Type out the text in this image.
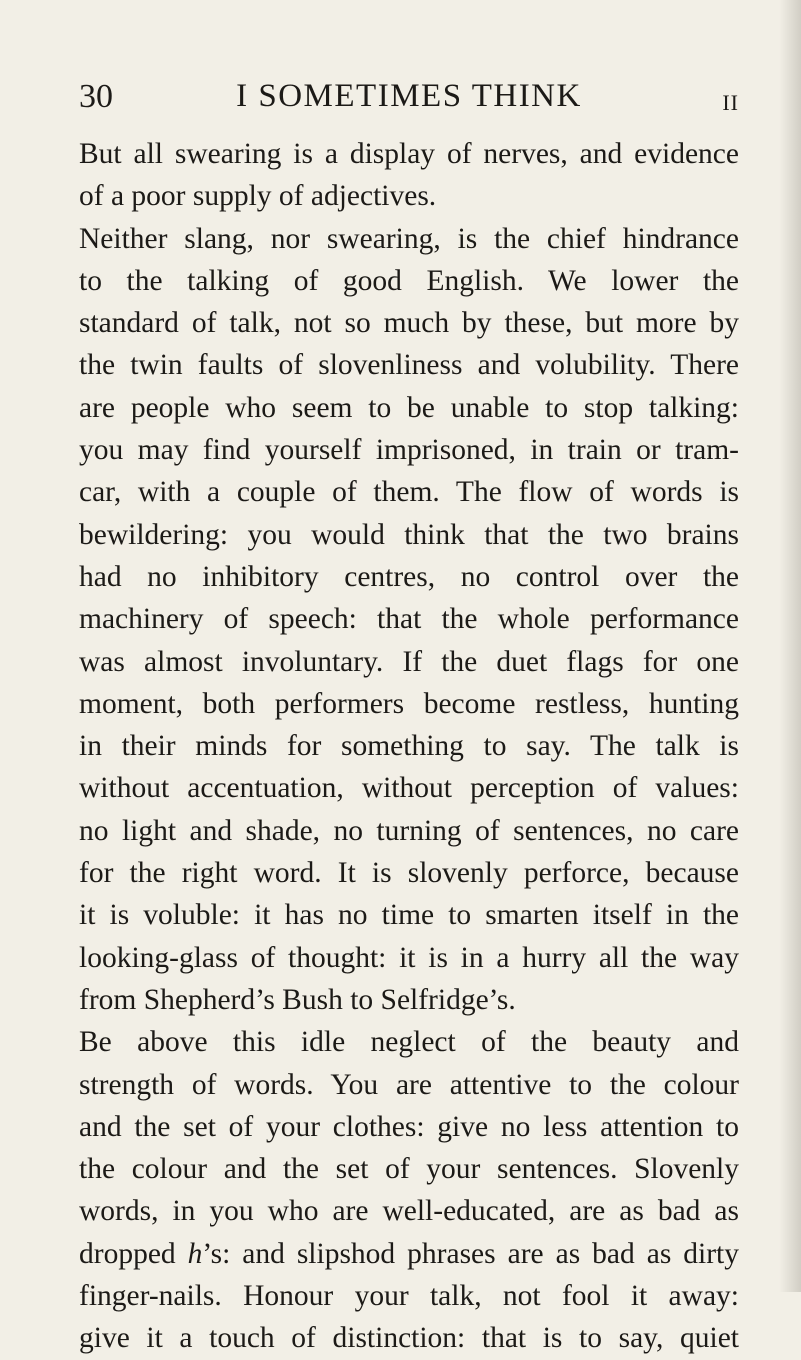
30	I SOMETIMES THINK	II
But all swearing is a display of nerves, and evidence
of a poor supply of adjectives.
Neither slang, nor swearing, is the chief hindrance
to the talking of good English. We lower the
standard of talk, not so much by these, but more by
the twin faults of slovenliness and volubility. There
are people who seem to be unable to stop talking:
you may find yourself imprisoned, in train or tram-
car, with a couple of them. The flow of words is
bewildering: you would think that the two brains
had no inhibitory centres, no control over the
machinery of speech: that the whole performance
was almost involuntary. If the duet flags for one
moment, both performers become restless, hunting
in their minds for something to say. The talk is
without accentuation, without perception of values:
no light and shade, no turning of sentences, no care
for the right word. It is slovenly perforce, because
it is voluble: it has no time to smarten itself in the
looking-glass of thought: it is in a hurry all the way
from Shepherd’s Bush to Selfridge’s.
Be above this idle neglect of the beauty and
strength of words. You are attentive to the colour
and the set of your clothes: give no less attention to
the colour and the set of your sentences. Slovenly
words, in you who are well-educated, are as bad as
dropped h’s: and slipshod phrases are as bad as dirty
finger-nails. Honour your talk, not fool it away:
give it a touch of distinction: that is to say, quiet
